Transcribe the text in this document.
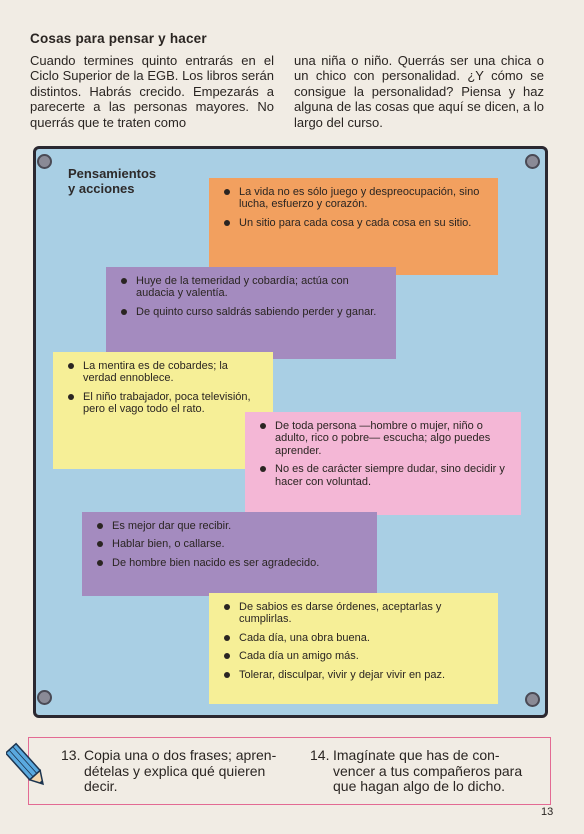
Cosas para pensar y hacer
Cuando termines quinto entrarás en el Ciclo Superior de la EGB. Los libros serán distintos. Habrás crecido. Empezarás a parecerte a las personas mayores. No querrás que te traten como
una niña o niño. Querrás ser una chica o un chico con personalidad. ¿Y cómo se consigue la personalidad? Piensa y haz alguna de las cosas que aquí se dicen, a lo largo del curso.
Pensamientos
y acciones	La vida no es sólo juego y despreocupación, sino lucha, esfuerzo y corazón.
Un sitio para cada cosa y cada cosa en su sitio.
Huye de la temeridad y cobardía; actúa con audacia y valentía.
De quinto curso saldrás sabiendo perder y ganar.
La mentira es de cobardes; la verdad ennoblece.
El niño trabajador, poca televisión, pero el vago todo el rato.
De toda persona —hombre o mujer, niño o adulto, rico o pobre— escucha; algo puedes aprender.
No es de carácter siempre dudar, sino decidir y hacer con voluntad.
Es mejor dar que recibir.
Hablar bien, o callarse.
De hombre bien nacido es ser agradecido.
De sabios es darse órdenes, aceptarlas y cumplirlas.
Cada día, una obra buena.
Cada día un amigo más.
Tolerar, disculpar, vivir y dejar vivir en paz.
13. Copia una o dos frases; apren-
dételas y explica qué quieren
decir.
14. Imagínate que has de con-
vencer a tus compañeros para
que hagan algo de lo dicho.
13
